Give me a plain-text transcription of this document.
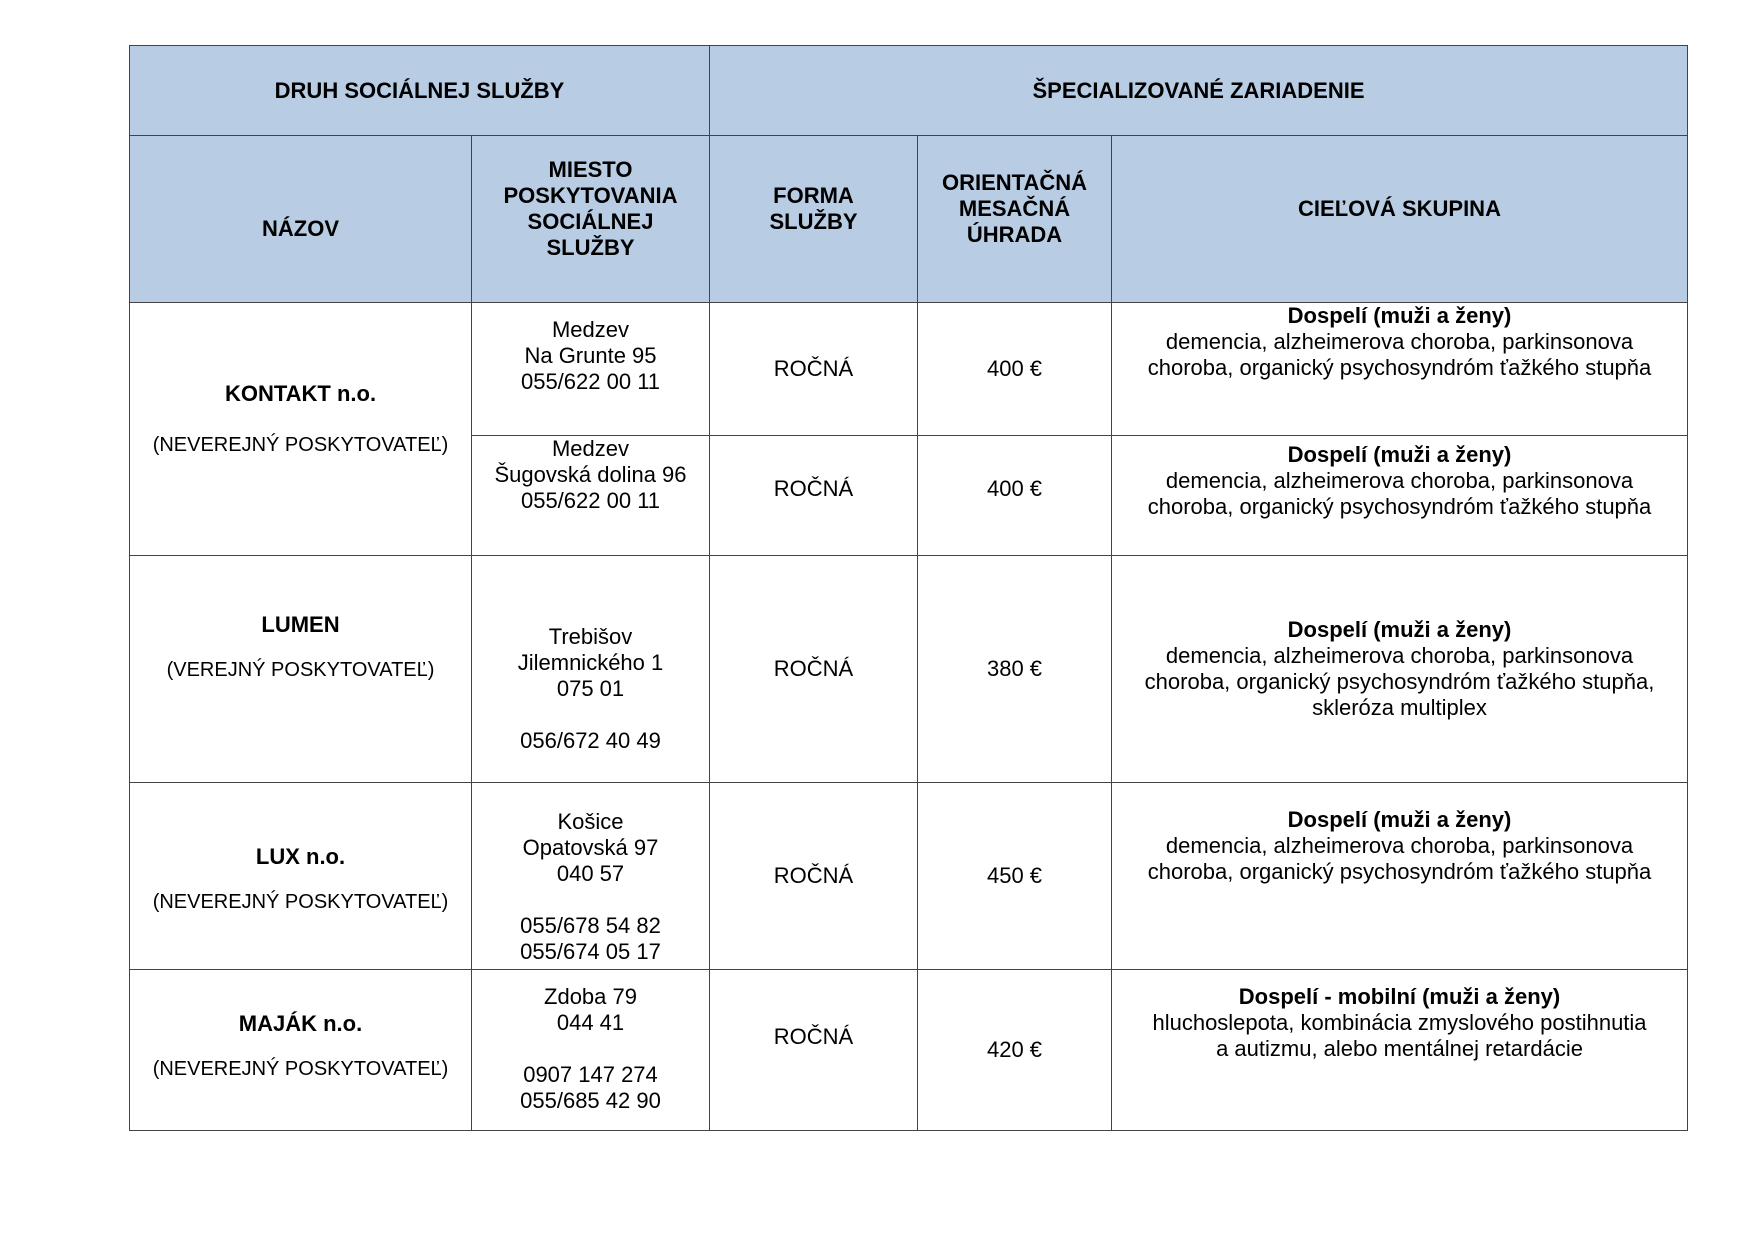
DRUH SOCIÁLNEJ SLUŽBY		ŠPECIALIZOVANÉ ZARIADENIE		
NÁZOV	MIESTO
POSKYTOVANIA
SOCIÁLNEJ
SLUŽBY	FORMA
SLUŽBY	ORIENTAČNÁ
MESAČNÁ
ÚHRADA	CIEĽOVÁ SKUPINA

KONTAKT n.o.
(NEVEREJNÝ POSKYTOVATEĽ)	Medzev
Na Grunte 95
055/622 00 11	ROČNÁ	400 €	Dospelí (muži a ženy)
demencia, alzheimerova choroba, parkinsonova
choroba, organický psychosyndróm ťažkého stupňa

	Medzev
Šugovská dolina 96
055/622 00 11	ROČNÁ	400 €	Dospelí (muži a ženy)
demencia, alzheimerova choroba, parkinsonova
choroba, organický psychosyndróm ťažkého stupňa

LUMEN
(VEREJNÝ POSKYTOVATEĽ)	Trebišov
Jilemnického 1
075 01
056/672 40 49	ROČNÁ	380 €	Dospelí (muži a ženy)
demencia, alzheimerova choroba, parkinsonova
choroba, organický psychosyndróm ťažkého stupňa,
skleróza multiplex

LUX n.o.
(NEVEREJNÝ POSKYTOVATEĽ)	Košice
Opatovská 97
040 57
055/678 54 82
055/674 05 17	ROČNÁ	450 €	Dospelí (muži a ženy)
demencia, alzheimerova choroba, parkinsonova
choroba, organický psychosyndróm ťažkého stupňa

MAJÁK n.o.
(NEVEREJNÝ POSKYTOVATEĽ)	Zdoba 79
044 41
0907 147 274
055/685 42 90	ROČNÁ	420 €	Dospelí - mobilní (muži a ženy)
hluchoslepota, kombinácia zmyslového postihnutia
a autizmu, alebo mentálnej retardácie
